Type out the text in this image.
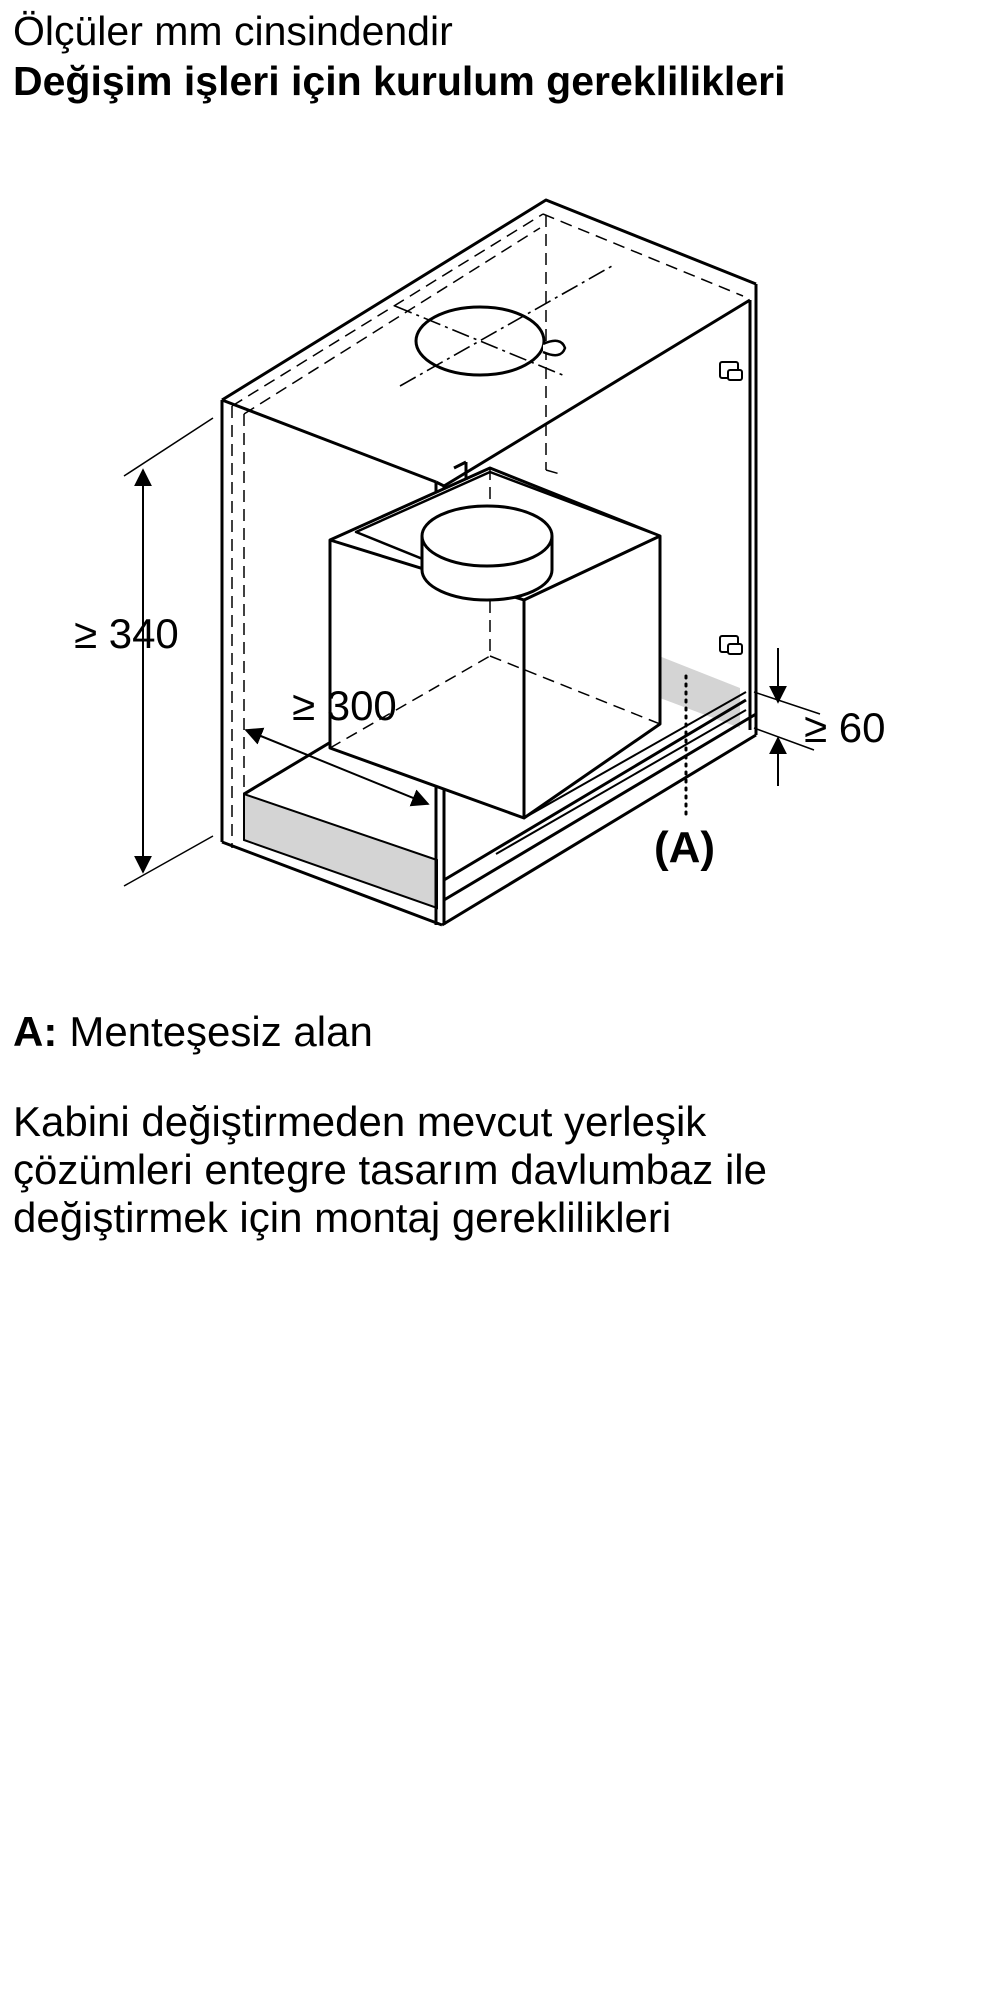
Ölçüler mm cinsindendir
Değişim işleri için kurulum gereklilikleri
≥ 340
≥ 300	≥ 60
(A)
A: Menteşesiz alan
Kabini değiştirmeden mevcut yerleşik
çözümleri entegre tasarım davlumbaz ile
değiştirmek için montaj gereklilikleri
